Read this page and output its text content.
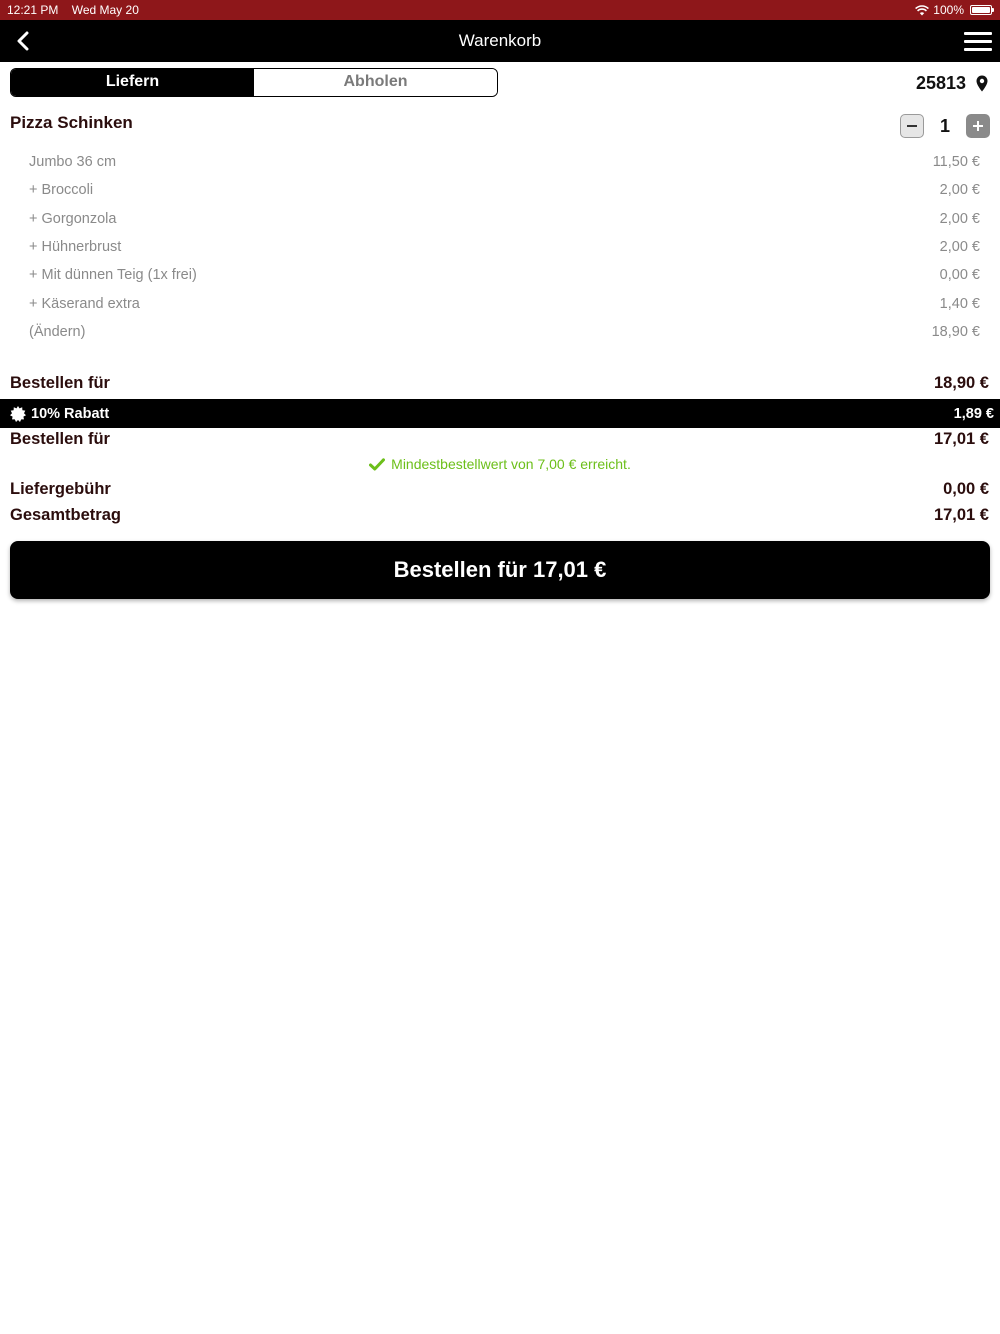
12:21 PM Wed May 20	100%
Warenkorb
Liefern	Abholen	25813
Pizza Schinken	1
Jumbo 36 cm	11,50 €
+ Broccoli	2,00 €
+ Gorgonzola	2,00 €
+ Hühnerbrust	2,00 €
+ Mit dünnen Teig (1x frei)	0,00 €
+ Käserand extra	1,40 €
(Ändern)	18,90 €
Bestellen für	18,90 €
10% Rabatt	1,89 €
Bestellen für	17,01 €
Mindestbestellwert von 7,00 € erreicht.
Liefergebühr	0,00 €
Gesamtbetrag	17,01 €
Bestellen für 17,01 €
